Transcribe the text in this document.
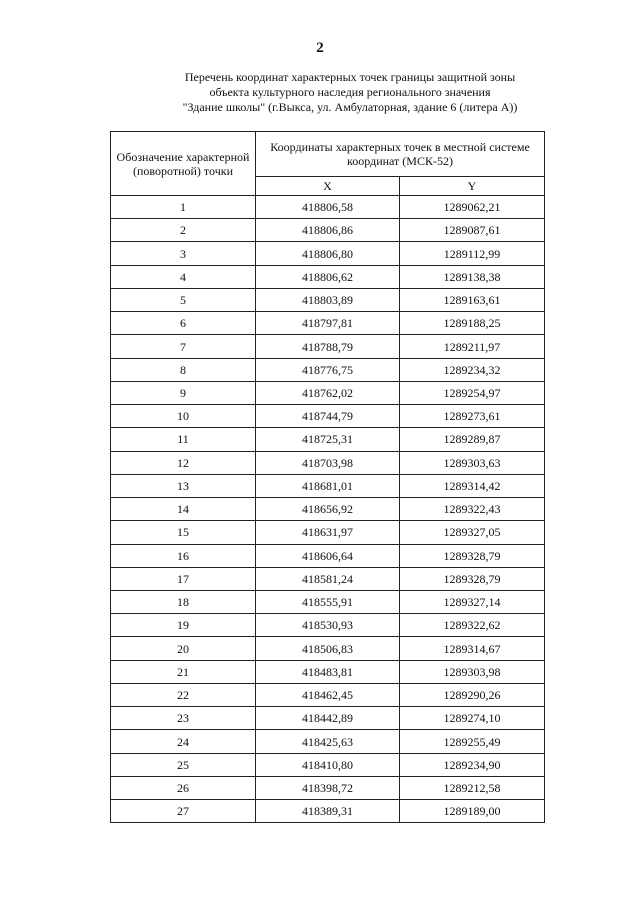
2
Перечень координат характерных точек границы защитной зоны
объекта культурного наследия регионального значения
"Здание школы" (г.Выкса, ул. Амбулаторная, здание 6 (литера А))
Обозначение характерной (поворотной) точки	Координаты характерных точек в местной системе координат (МСК-52)	
	X	Y
1	418806,58	1289062,21
2	418806,86	1289087,61
3	418806,80	1289112,99
4	418806,62	1289138,38
5	418803,89	1289163,61
6	418797,81	1289188,25
7	418788,79	1289211,97
8	418776,75	1289234,32
9	418762,02	1289254,97
10	418744,79	1289273,61
11	418725,31	1289289,87
12	418703,98	1289303,63
13	418681,01	1289314,42
14	418656,92	1289322,43
15	418631,97	1289327,05
16	418606,64	1289328,79
17	418581,24	1289328,79
18	418555,91	1289327,14
19	418530,93	1289322,62
20	418506,83	1289314,67
21	418483,81	1289303,98
22	418462,45	1289290,26
23	418442,89	1289274,10
24	418425,63	1289255,49
25	418410,80	1289234,90
26	418398,72	1289212,58
27	418389,31	1289189,00
